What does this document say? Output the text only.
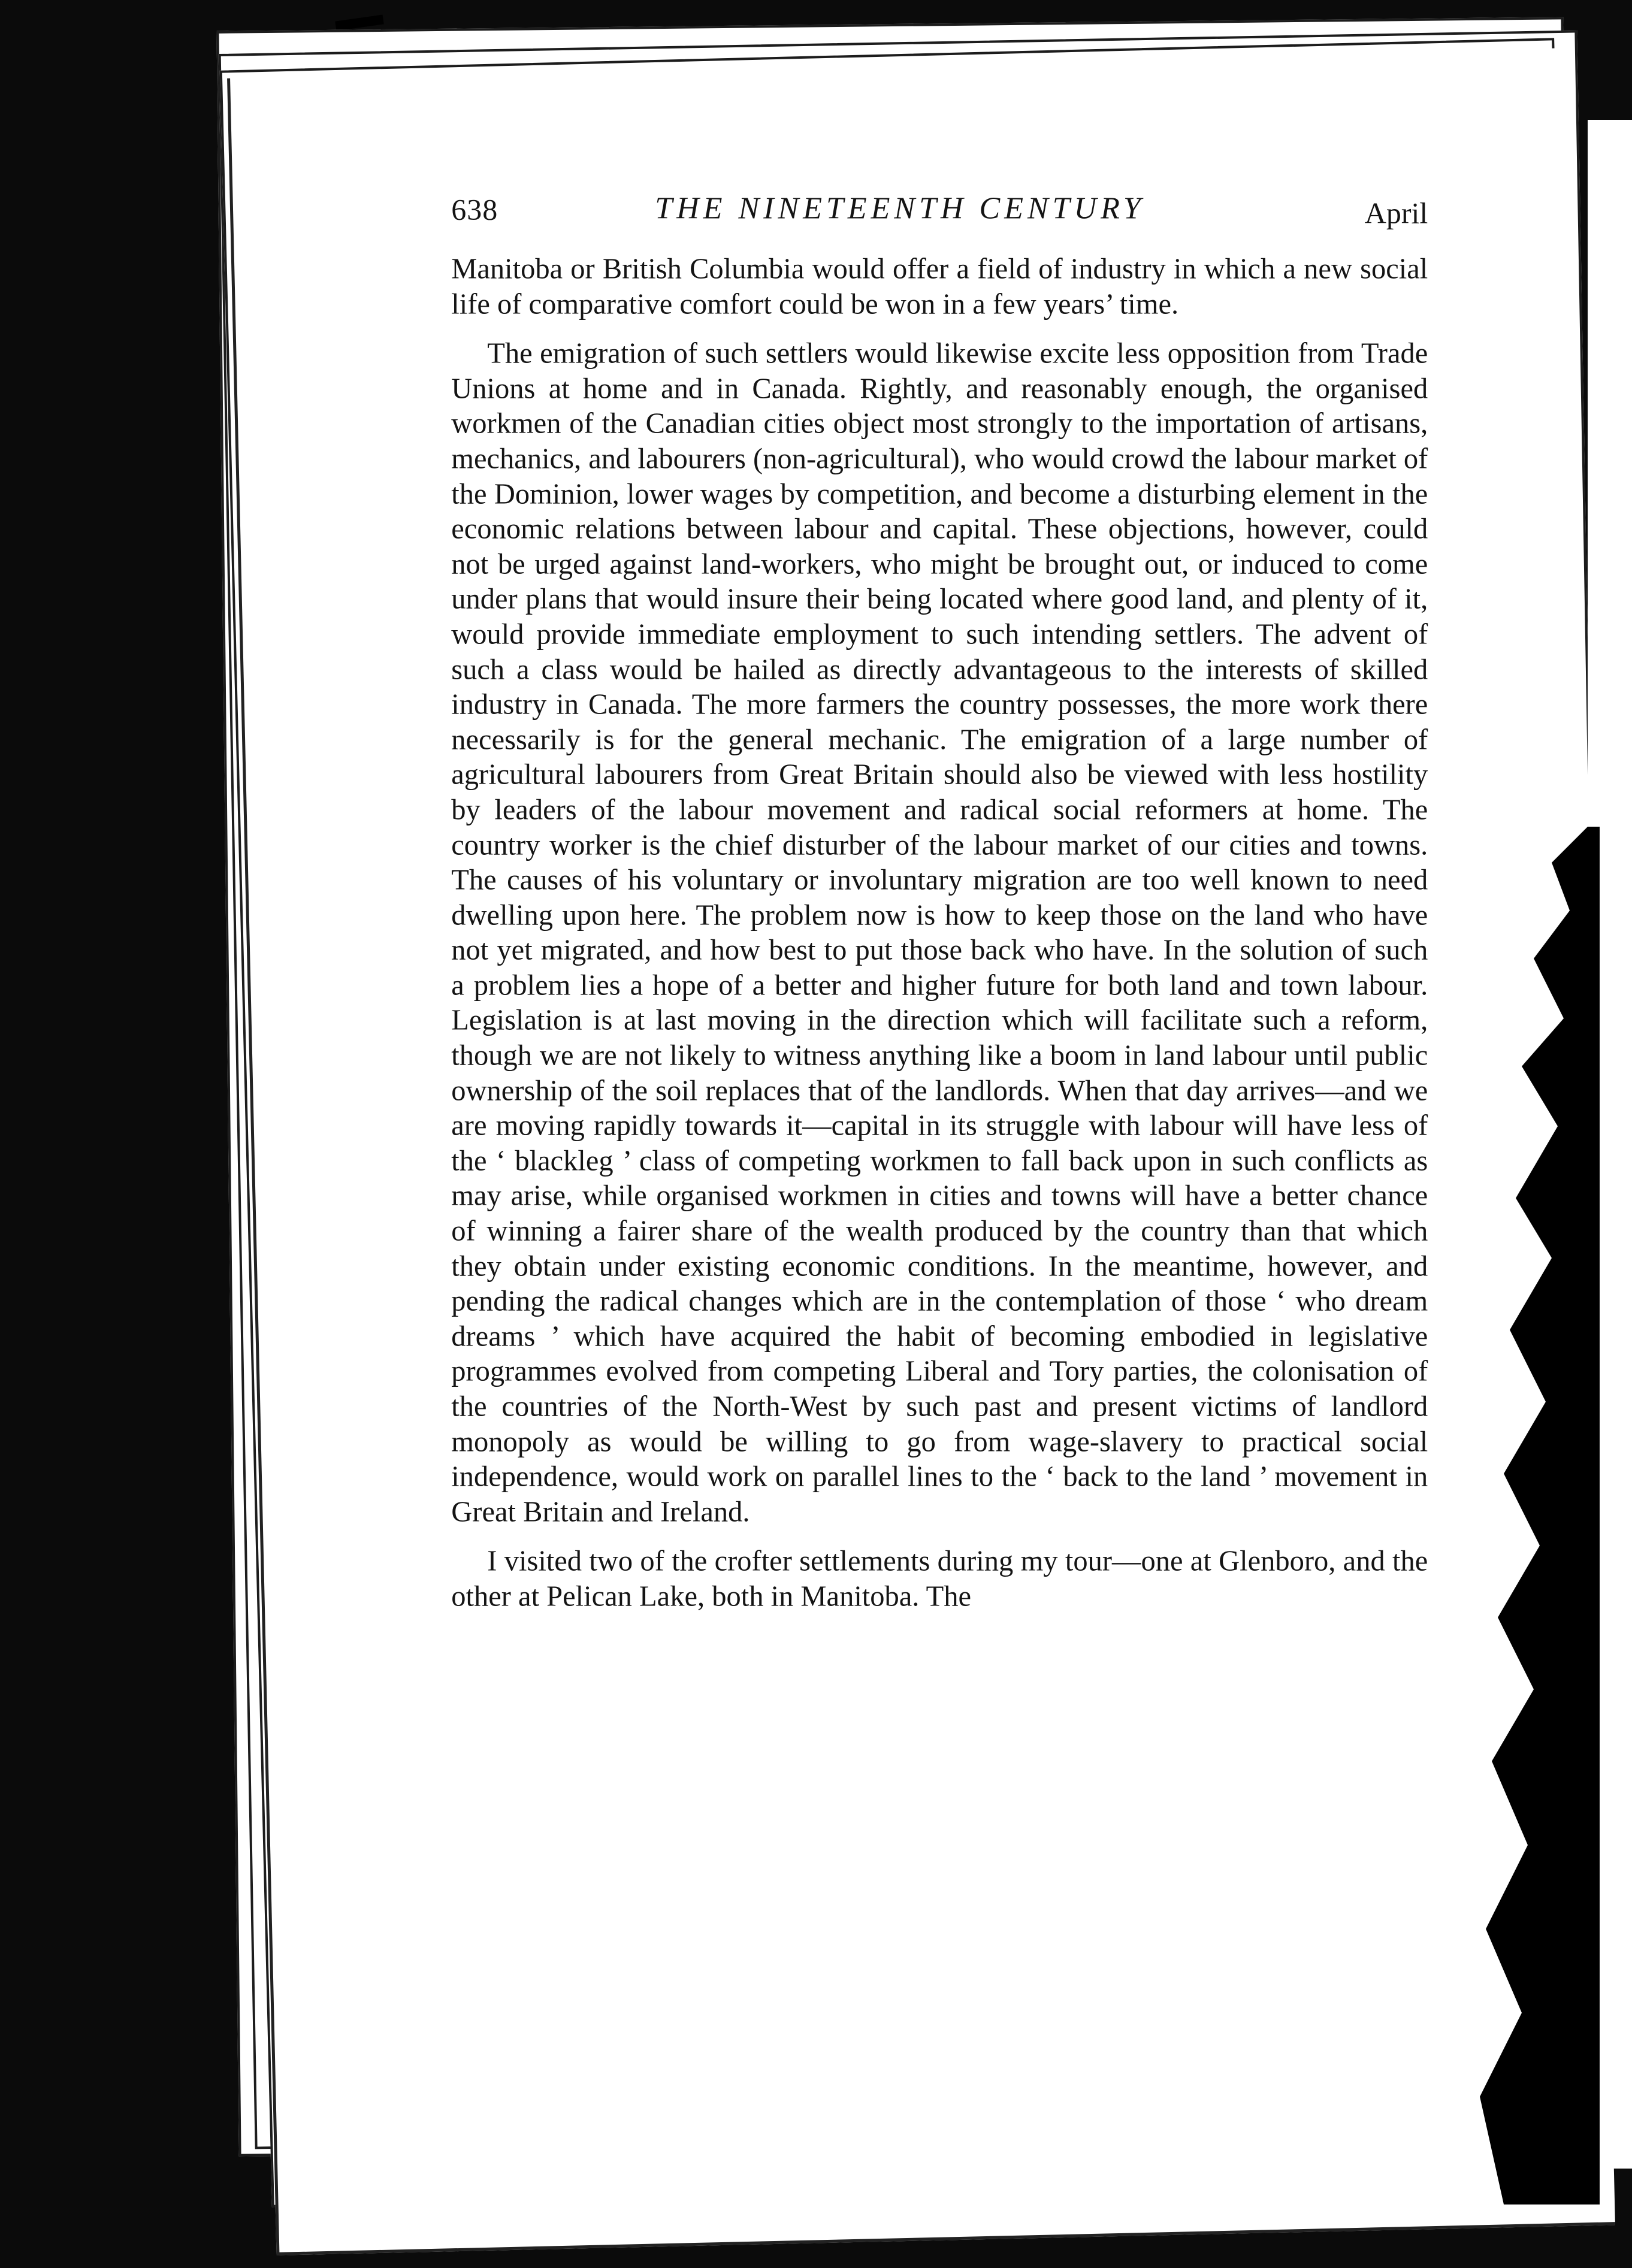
638	THE NINETEENTH CENTURY	April

Manitoba or British Columbia would offer a field of industry in which a new social life of comparative comfort could be won in a few years’ time.

The emigration of such settlers would likewise excite less opposition from Trade Unions at home and in Canada. Rightly, and reasonably enough, the organised workmen of the Canadian cities object most strongly to the importation of artisans, mechanics, and labourers (non-agricultural), who would crowd the labour market of the Dominion, lower wages by competition, and become a disturbing element in the economic relations between labour and capital. These objections, however, could not be urged against land-workers, who might be brought out, or induced to come under plans that would insure their being located where good land, and plenty of it, would provide immediate employment to such intending settlers. The advent of such a class would be hailed as directly advantageous to the interests of skilled industry in Canada. The more farmers the country possesses, the more work there necessarily is for the general mechanic. The emigration of a large number of agricultural labourers from Great Britain should also be viewed with less hostility by leaders of the labour movement and radical social reformers at home. The country worker is the chief disturber of the labour market of our cities and towns. The causes of his voluntary or involuntary migration are too well known to need dwelling upon here. The problem now is how to keep those on the land who have not yet migrated, and how best to put those back who have. In the solution of such a problem lies a hope of a better and higher future for both land and town labour. Legislation is at last moving in the direction which will facilitate such a reform, though we are not likely to witness anything like a boom in land labour until public ownership of the soil replaces that of the landlords. When that day arrives—and we are moving rapidly towards it—capital in its struggle with labour will have less of the ‘ blackleg ’ class of competing workmen to fall back upon in such conflicts as may arise, while organised workmen in cities and towns will have a better chance of winning a fairer share of the wealth produced by the country than that which they obtain under existing economic conditions. In the meantime, however, and pending the radical changes which are in the contemplation of those ‘ who dream dreams ’ which have acquired the habit of becoming embodied in legislative programmes evolved from competing Liberal and Tory parties, the colonisation of the countries of the North-West by such past and present victims of landlord monopoly as would be willing to go from wage-slavery to practical social independence, would work on parallel lines to the ‘ back to the land ’ movement in Great Britain and Ireland.

I visited two of the crofter settlements during my tour—one at Glenboro, and the other at Pelican Lake, both in Manitoba. The
